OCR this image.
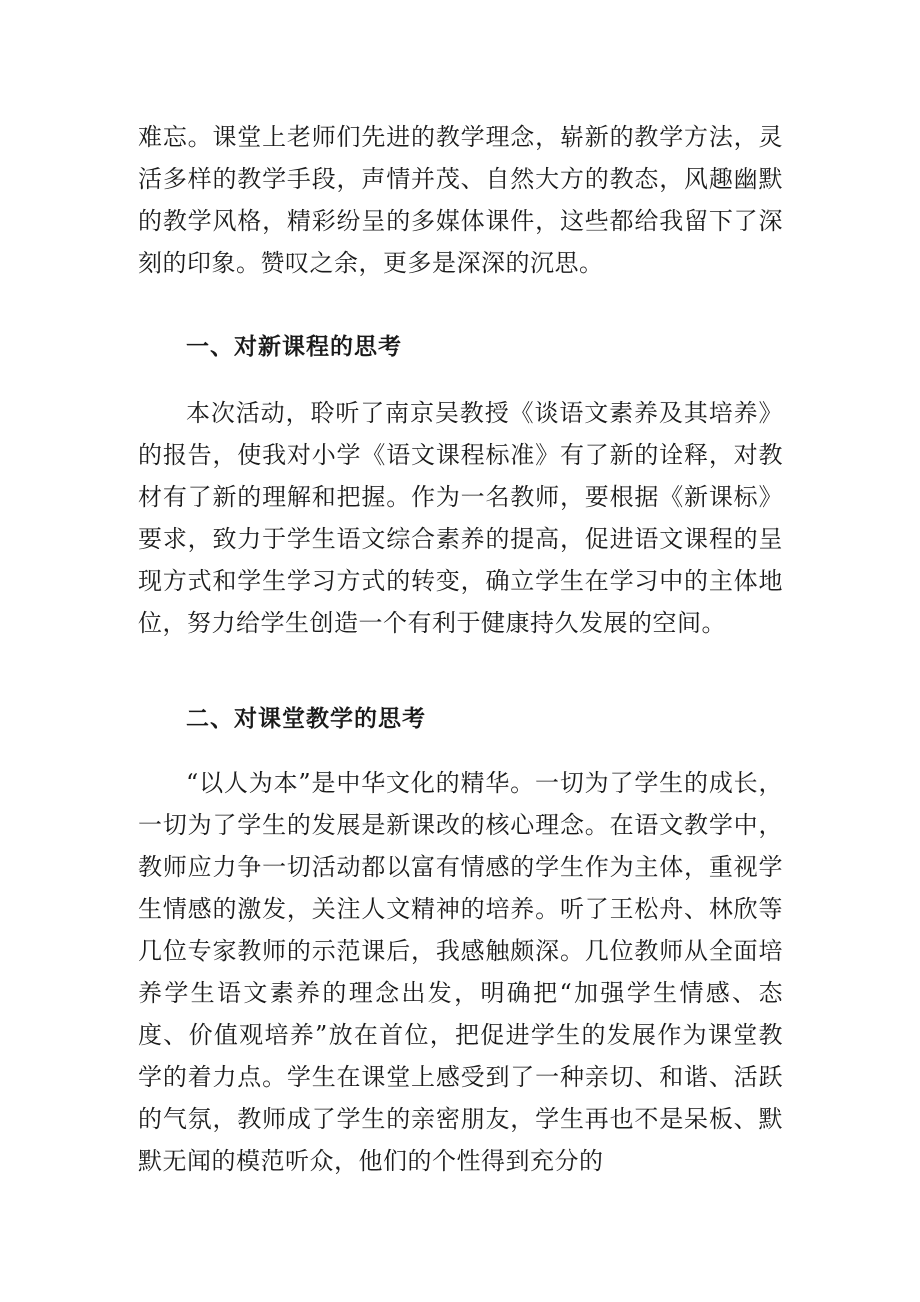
难忘。课堂上老师们先进的教学理念，崭新的教学方法，灵活多样的教学手段，声情并茂、自然大方的教态，风趣幽默的教学风格，精彩纷呈的多媒体课件，这些都给我留下了深刻的印象。赞叹之余，更多是深深的沉思。

一、对新课程的思考

本次活动，聆听了南京吴教授《谈语文素养及其培养》的报告，使我对小学《语文课程标准》有了新的诠释，对教材有了新的理解和把握。作为一名教师，要根据《新课标》要求，致力于学生语文综合素养的提高，促进语文课程的呈现方式和学生学习方式的转变，确立学生在学习中的主体地位，努力给学生创造一个有利于健康持久发展的空间。

二、对课堂教学的思考

“以人为本”是中华文化的精华。一切为了学生的成长，一切为了学生的发展是新课改的核心理念。在语文教学中，教师应力争一切活动都以富有情感的学生作为主体，重视学生情感的激发，关注人文精神的培养。听了王松舟、林欣等几位专家教师的示范课后，我感触颇深。几位教师从全面培养学生语文素养的理念出发，明确把“加强学生情感、态度、价值观培养”放在首位，把促进学生的发展作为课堂教学的着力点。学生在课堂上感受到了一种亲切、和谐、活跃的气氛，教师成了学生的亲密朋友，学生再也不是呆板、默默无闻的模范听众，他们的个性得到充分的
